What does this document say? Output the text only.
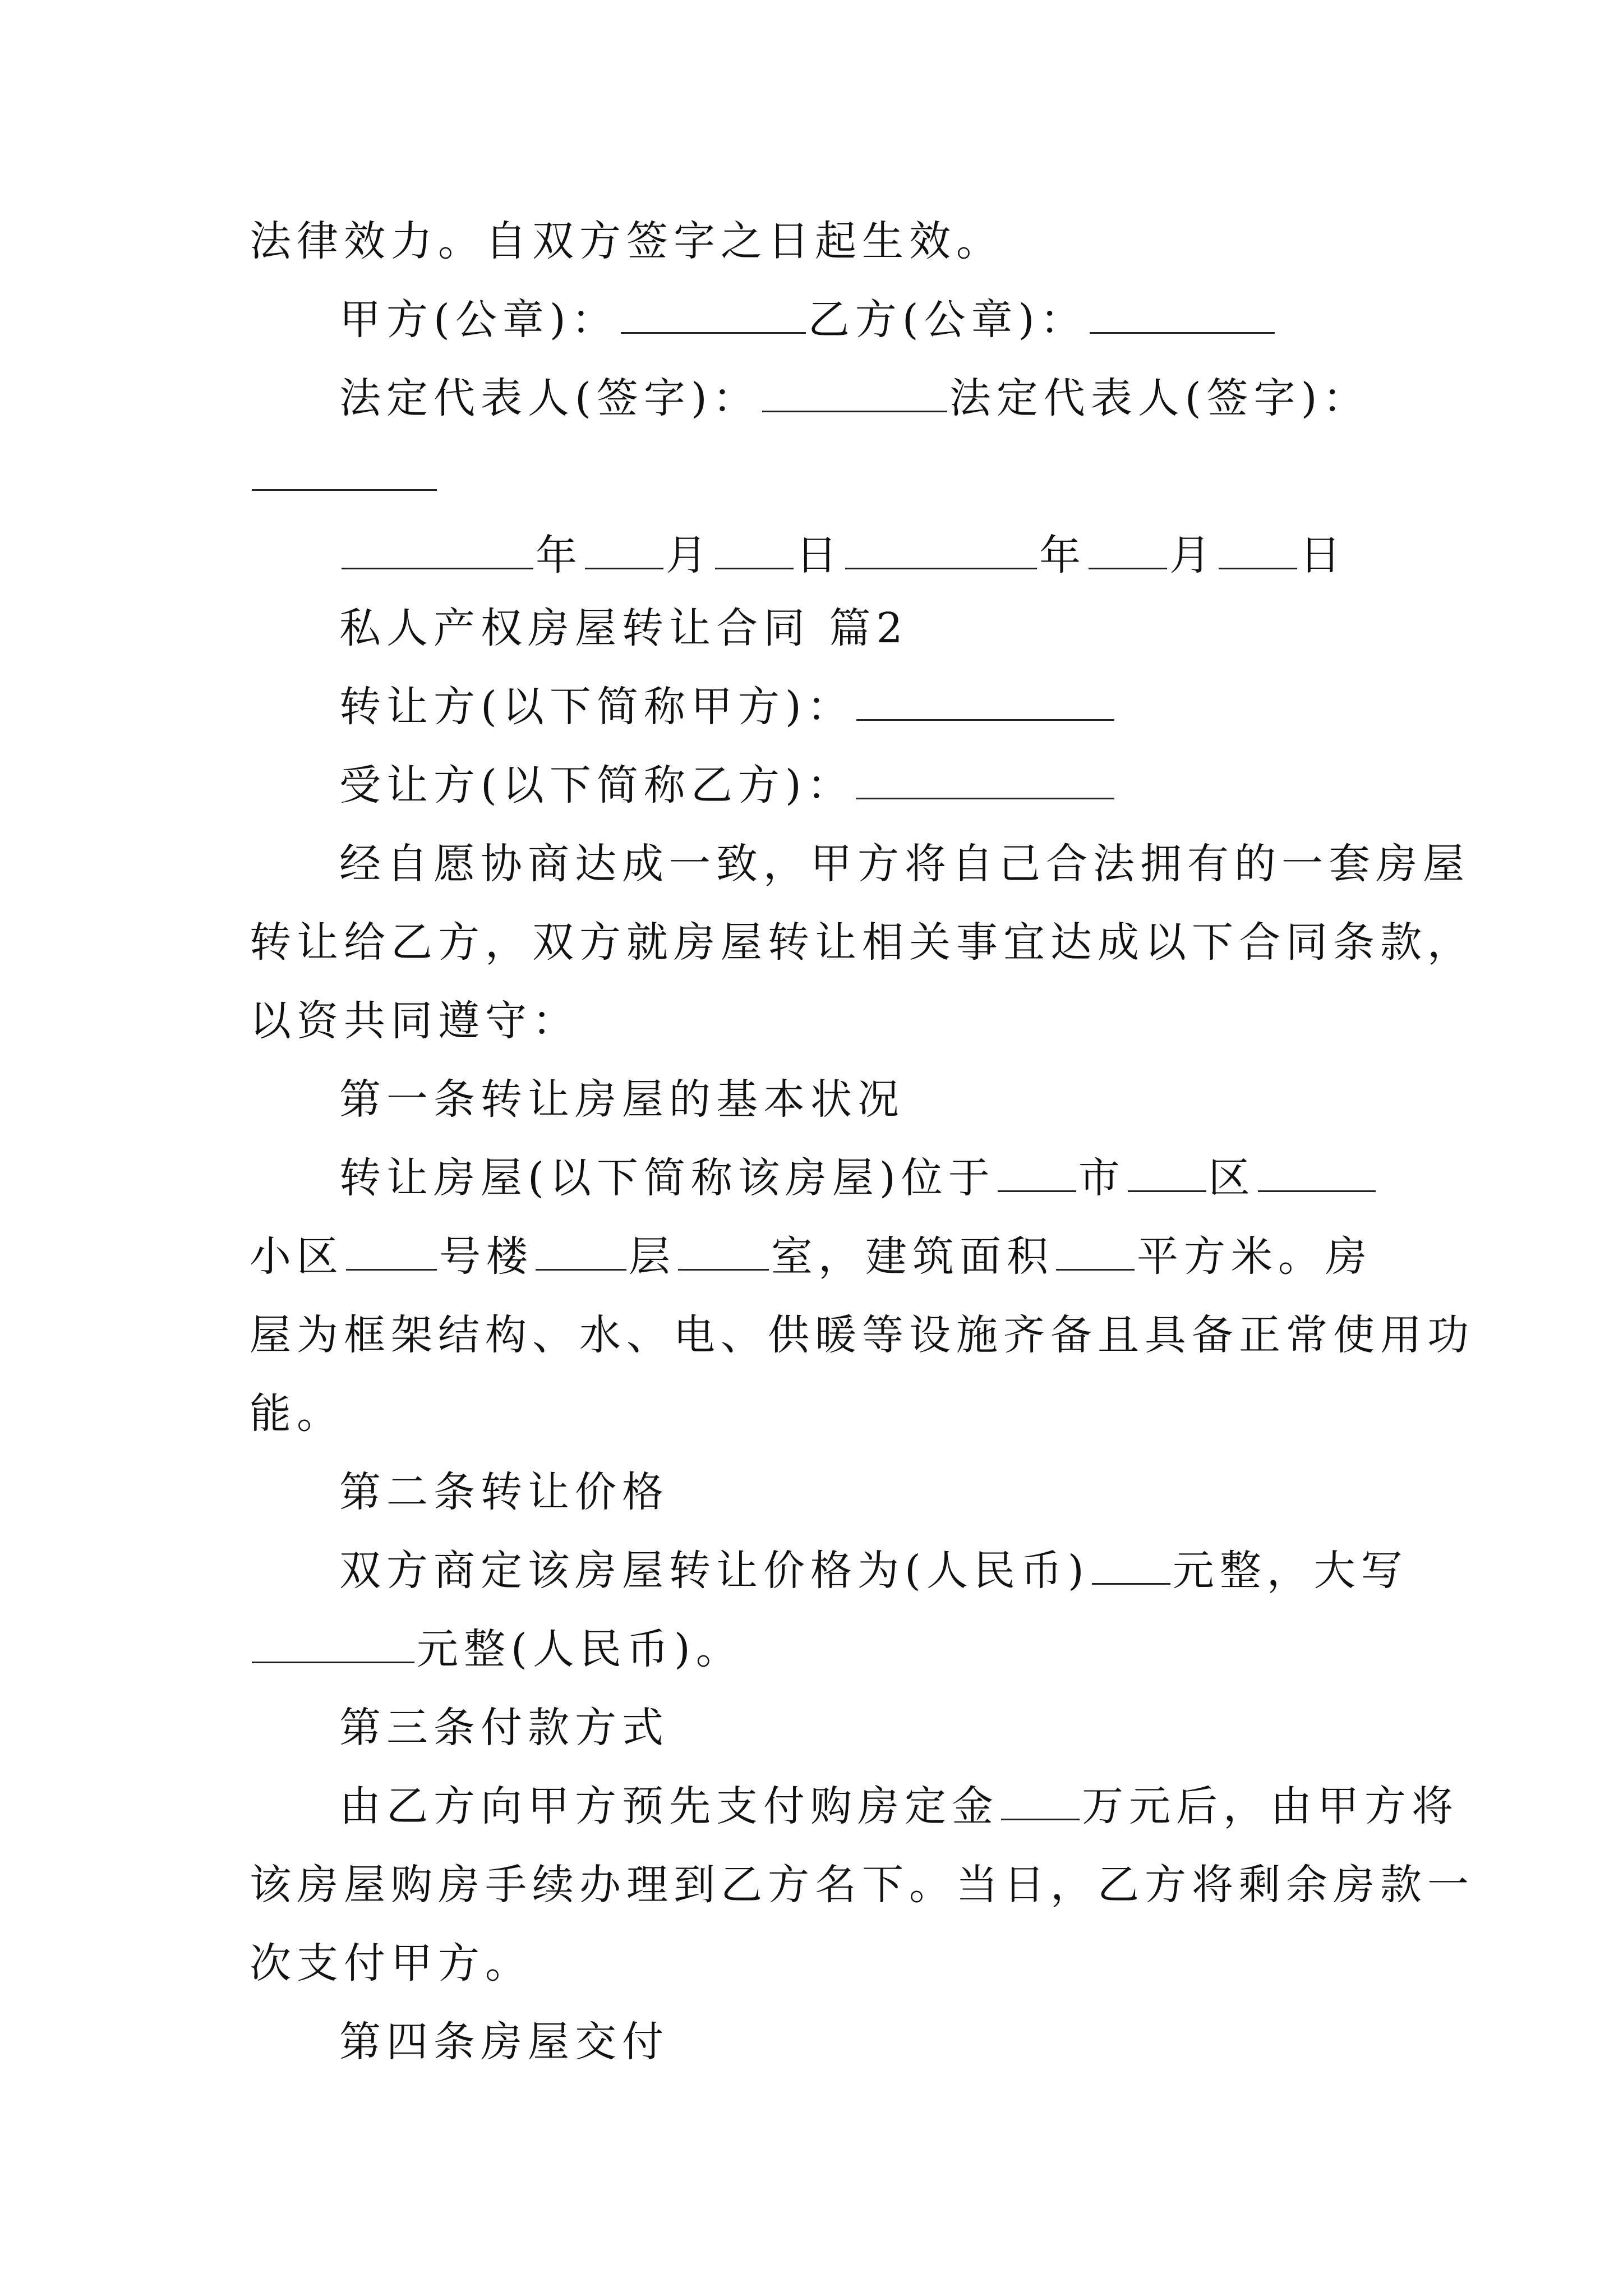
法律效力。自双方签字之日起生效。
甲方(公章)：	乙方(公章)：
法定代表人(签字)：	法定代表人(签字)：
年 月 日	年 月 日
私人产权房屋转让合同 篇2
转让方(以下简称甲方)：
受让方(以下简称乙方)：
经自愿协商达成一致，甲方将自己合法拥有的一套房屋
转让给乙方，双方就房屋转让相关事宜达成以下合同条款，
以资共同遵守：
第一条转让房屋的基本状况
转让房屋(以下简称该房屋)位于 市 区
小区 号楼 层 室，建筑面积 平方米。房
屋为框架结构、水、电、供暖等设施齐备且具备正常使用功
能。
第二条转让价格
双方商定该房屋转让价格为(人民币) 元整，大写
元整(人民币)。
第三条付款方式
由乙方向甲方预先支付购房定金 万元后，由甲方将
该房屋购房手续办理到乙方名下。当日，乙方将剩余房款一
次支付甲方。
第四条房屋交付
